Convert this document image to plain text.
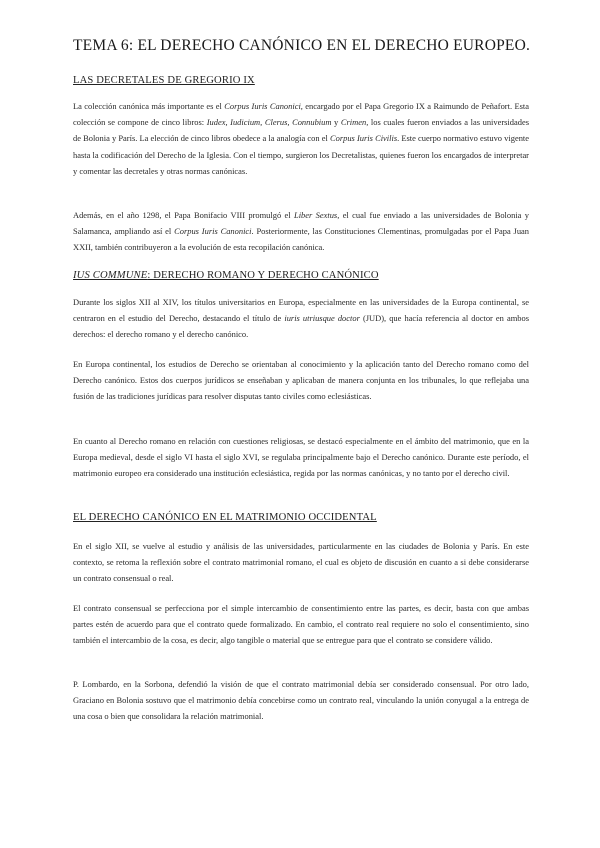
TEMA 6: EL DERECHO CANÓNICO EN EL DERECHO EUROPEO.
LAS DECRETALES DE GREGORIO IX
La colección canónica más importante es el Corpus Iuris Canonici, encargado por el Papa Gregorio IX a Raimundo de Peñafort. Esta colección se compone de cinco libros: Iudex, Iudicium, Clerus, Connubium y Crimen, los cuales fueron enviados a las universidades de Bolonia y París. La elección de cinco libros obedece a la analogía con el Corpus Iuris Civilis. Este cuerpo normativo estuvo vigente hasta la codificación del Derecho de la Iglesia. Con el tiempo, surgieron los Decretalistas, quienes fueron los encargados de interpretar y comentar las decretales y otras normas canónicas.
Además, en el año 1298, el Papa Bonifacio VIII promulgó el Liber Sextus, el cual fue enviado a las universidades de Bolonia y Salamanca, ampliando así el Corpus Iuris Canonici. Posteriormente, las Constituciones Clementinas, promulgadas por el Papa Juan XXII, también contribuyeron a la evolución de esta recopilación canónica.
IUS COMMUNE: DERECHO ROMANO Y DERECHO CANÓNICO
Durante los siglos XII al XIV, los títulos universitarios en Europa, especialmente en las universidades de la Europa continental, se centraron en el estudio del Derecho, destacando el título de iuris utriusque doctor (JUD), que hacía referencia al doctor en ambos derechos: el derecho romano y el derecho canónico.
En Europa continental, los estudios de Derecho se orientaban al conocimiento y la aplicación tanto del Derecho romano como del Derecho canónico. Estos dos cuerpos jurídicos se enseñaban y aplicaban de manera conjunta en los tribunales, lo que reflejaba una fusión de las tradiciones jurídicas para resolver disputas tanto civiles como eclesiásticas.
En cuanto al Derecho romano en relación con cuestiones religiosas, se destacó especialmente en el ámbito del matrimonio, que en la Europa medieval, desde el siglo VI hasta el siglo XVI, se regulaba principalmente bajo el Derecho canónico. Durante este período, el matrimonio europeo era considerado una institución eclesiástica, regida por las normas canónicas, y no tanto por el derecho civil.
EL DERECHO CANÓNICO EN EL MATRIMONIO OCCIDENTAL
En el siglo XII, se vuelve al estudio y análisis de las universidades, particularmente en las ciudades de Bolonia y París. En este contexto, se retoma la reflexión sobre el contrato matrimonial romano, el cual es objeto de discusión en cuanto a si debe considerarse un contrato consensual o real.
El contrato consensual se perfecciona por el simple intercambio de consentimiento entre las partes, es decir, basta con que ambas partes estén de acuerdo para que el contrato quede formalizado. En cambio, el contrato real requiere no solo el consentimiento, sino también el intercambio de la cosa, es decir, algo tangible o material que se entregue para que el contrato se considere válido.
P. Lombardo, en la Sorbona, defendió la visión de que el contrato matrimonial debía ser considerado consensual. Por otro lado, Graciano en Bolonia sostuvo que el matrimonio debía concebirse como un contrato real, vinculando la unión conyugal a la entrega de una cosa o bien que consolidara la relación matrimonial.
